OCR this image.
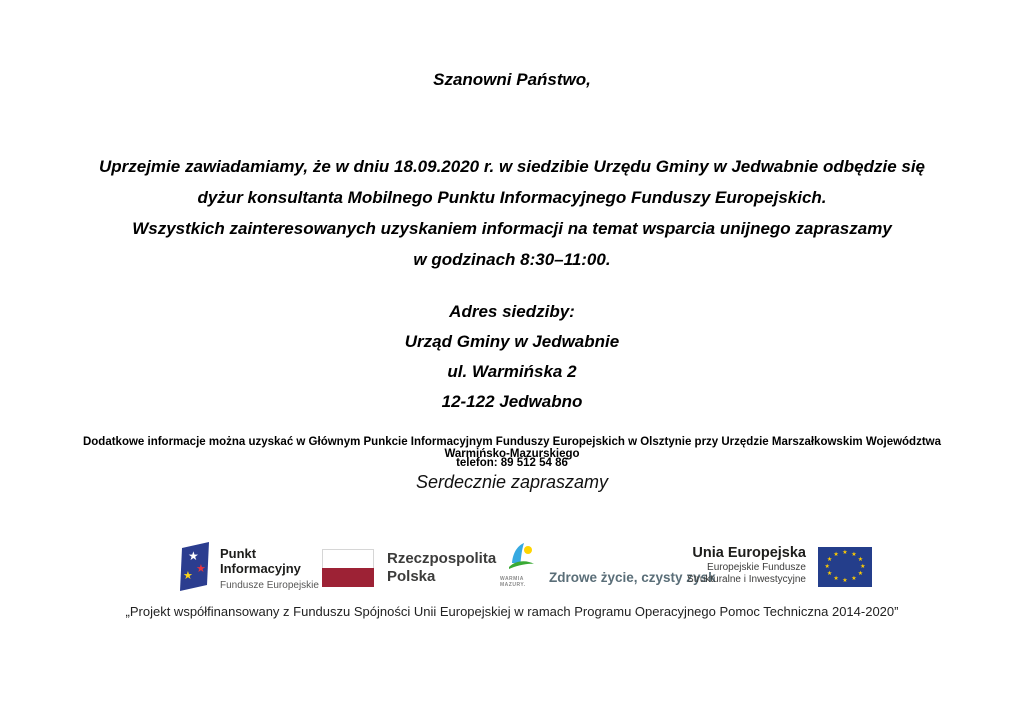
Szanowni Państwo,
Uprzejmie zawiadamiamy, że w dniu 18.09.2020 r. w siedzibie Urzędu Gminy w Jedwabnie odbędzie się
dyżur konsultanta Mobilnego Punktu Informacyjnego Funduszy Europejskich.
Wszystkich zainteresowanych uzyskaniem informacji na temat wsparcia unijnego zapraszamy
w godzinach 8:30–11:00.
Adres siedziby:
Urząd Gminy w Jedwabnie
ul. Warmińska 2
12-122 Jedwabno
Dodatkowe informacje można uzyskać w Głównym Punkcie Informacyjnym Funduszy Europejskich w Olsztynie przy Urzędzie Marszałkowskim Województwa Warmińsko-Mazurskiego
telefon: 89 512 54 86
Serdecznie zapraszamy
★
★
★
Punkt
Informacyjny
Fundusze Europejskie
Rzeczpospolita
Polska	WARMIA
MAZURY.	Zdrowe życie, czysty zysk
Unia Europejska
Europejskie Fundusze
Strukturalne i Inwestycyjne
★ ★
★
★
★
★
★
★
★
★
★
★
„Projekt współfinansowany z Funduszu Spójności Unii Europejskiej w ramach Programu Operacyjnego Pomoc Techniczna 2014-2020”
